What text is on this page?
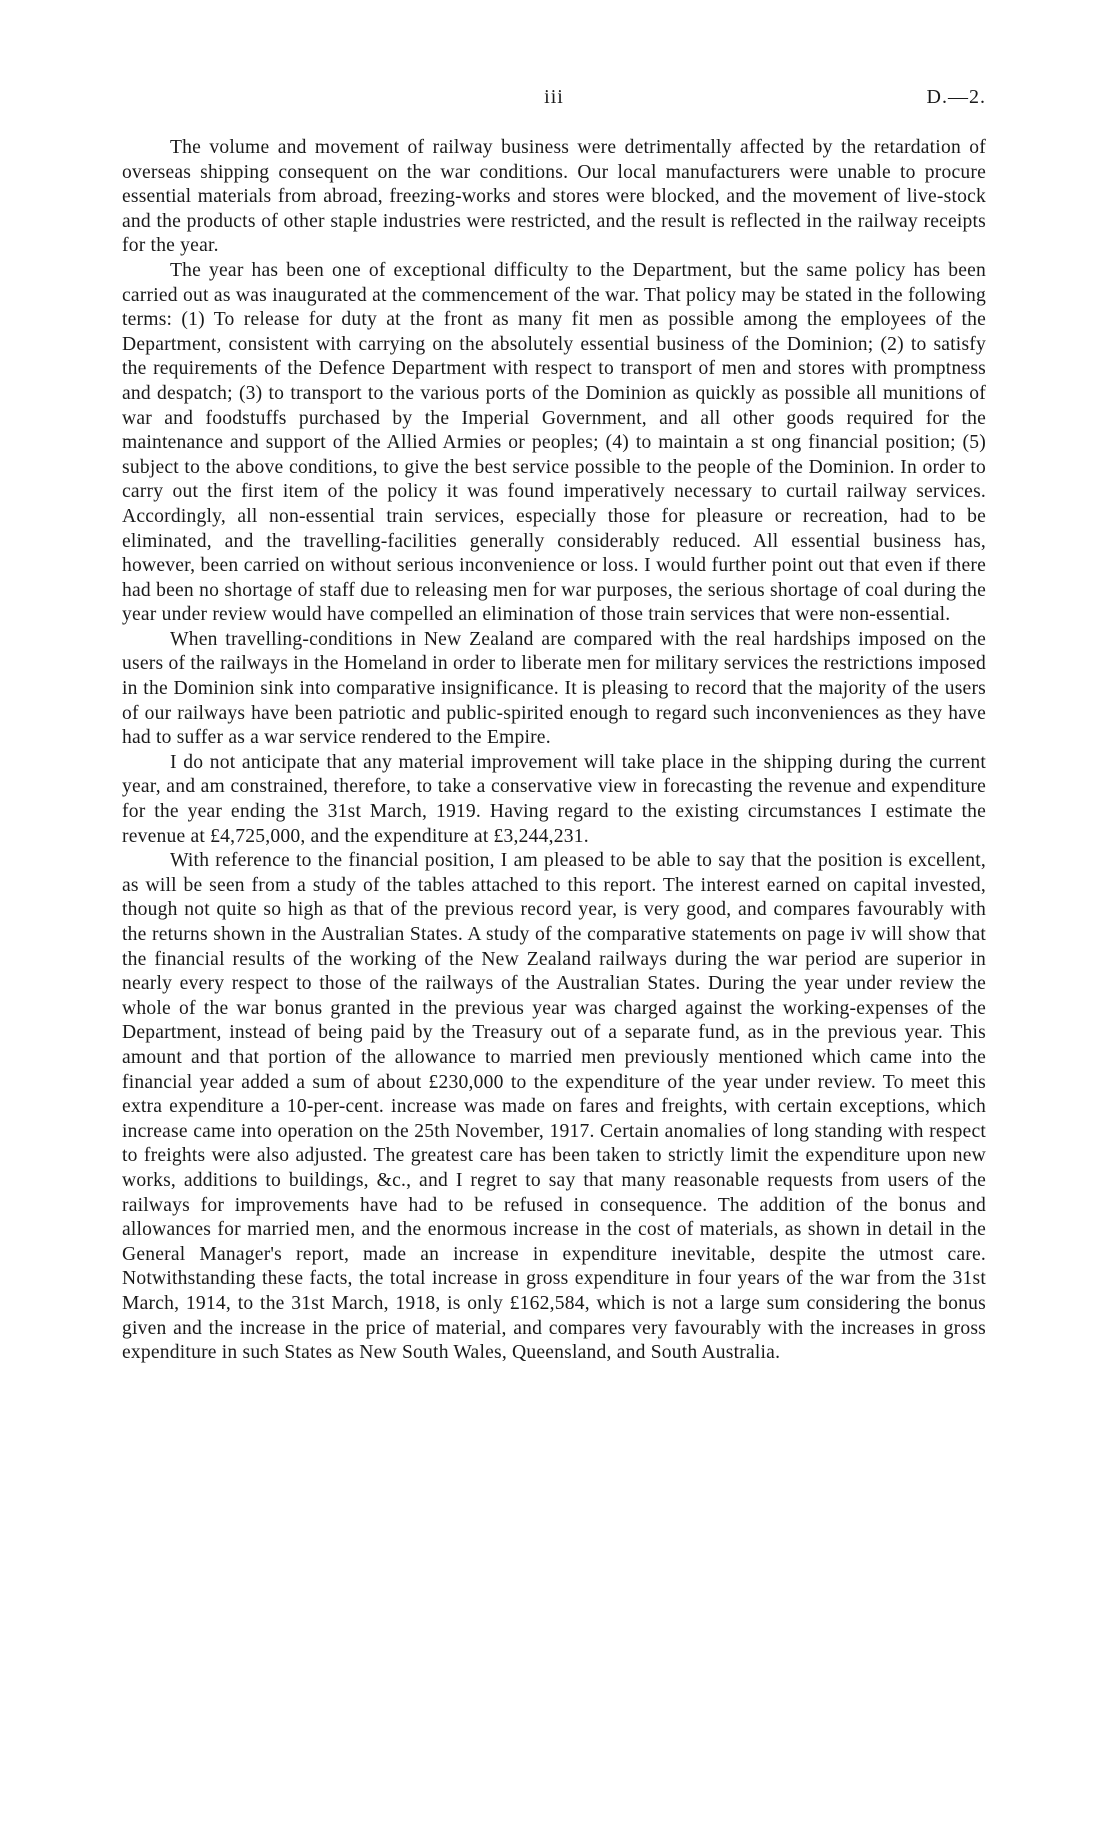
iii	D.—2.

The volume and movement of railway business were detrimentally affected by the retardation of overseas shipping consequent on the war conditions. Our local manufacturers were unable to procure essential materials from abroad, freezing-works and stores were blocked, and the movement of live-stock and the products of other staple industries were restricted, and the result is reflected in the railway receipts for the year.

The year has been one of exceptional difficulty to the Department, but the same policy has been carried out as was inaugurated at the commencement of the war. That policy may be stated in the following terms: (1) To release for duty at the front as many fit men as possible among the employees of the Department, consistent with carrying on the absolutely essential business of the Dominion; (2) to satisfy the requirements of the Defence Department with respect to transport of men and stores with promptness and despatch; (3) to transport to the various ports of the Dominion as quickly as possible all munitions of war and foodstuffs purchased by the Imperial Government, and all other goods required for the maintenance and support of the Allied Armies or peoples; (4) to maintain a st ong financial position; (5) subject to the above conditions, to give the best service possible to the people of the Dominion. In order to carry out the first item of the policy it was found imperatively necessary to curtail railway services. Accordingly, all non-essential train services, especially those for pleasure or recreation, had to be eliminated, and the travelling-facilities generally considerably reduced. All essential business has, however, been carried on without serious inconvenience or loss. I would further point out that even if there had been no shortage of staff due to releasing men for war purposes, the serious shortage of coal during the year under review would have compelled an elimination of those train services that were non-essential.

When travelling-conditions in New Zealand are compared with the real hardships imposed on the users of the railways in the Homeland in order to liberate men for military services the restrictions imposed in the Dominion sink into comparative insignificance. It is pleasing to record that the majority of the users of our railways have been patriotic and public-spirited enough to regard such inconveniences as they have had to suffer as a war service rendered to the Empire.

I do not anticipate that any material improvement will take place in the shipping during the current year, and am constrained, therefore, to take a conservative view in forecasting the revenue and expenditure for the year ending the 31st March, 1919. Having regard to the existing circumstances I estimate the revenue at £4,725,000, and the expenditure at £3,244,231.

With reference to the financial position, I am pleased to be able to say that the position is excellent, as will be seen from a study of the tables attached to this report. The interest earned on capital invested, though not quite so high as that of the previous record year, is very good, and compares favourably with the returns shown in the Australian States. A study of the comparative statements on page iv will show that the financial results of the working of the New Zealand railways during the war period are superior in nearly every respect to those of the railways of the Australian States. During the year under review the whole of the war bonus granted in the previous year was charged against the working-expenses of the Department, instead of being paid by the Treasury out of a separate fund, as in the previous year. This amount and that portion of the allowance to married men previously mentioned which came into the financial year added a sum of about £230,000 to the expenditure of the year under review. To meet this extra expenditure a 10-per-cent. increase was made on fares and freights, with certain exceptions, which increase came into operation on the 25th November, 1917. Certain anomalies of long standing with respect to freights were also adjusted. The greatest care has been taken to strictly limit the expenditure upon new works, additions to buildings, &c., and I regret to say that many reasonable requests from users of the railways for improvements have had to be refused in consequence. The addition of the bonus and allowances for married men, and the enormous increase in the cost of materials, as shown in detail in the General Manager's report, made an increase in expenditure inevitable, despite the utmost care. Notwithstanding these facts, the total increase in gross expenditure in four years of the war from the 31st March, 1914, to the 31st March, 1918, is only £162,584, which is not a large sum considering the bonus given and the increase in the price of material, and compares very favourably with the increases in gross expenditure in such States as New South Wales, Queensland, and South Australia.
